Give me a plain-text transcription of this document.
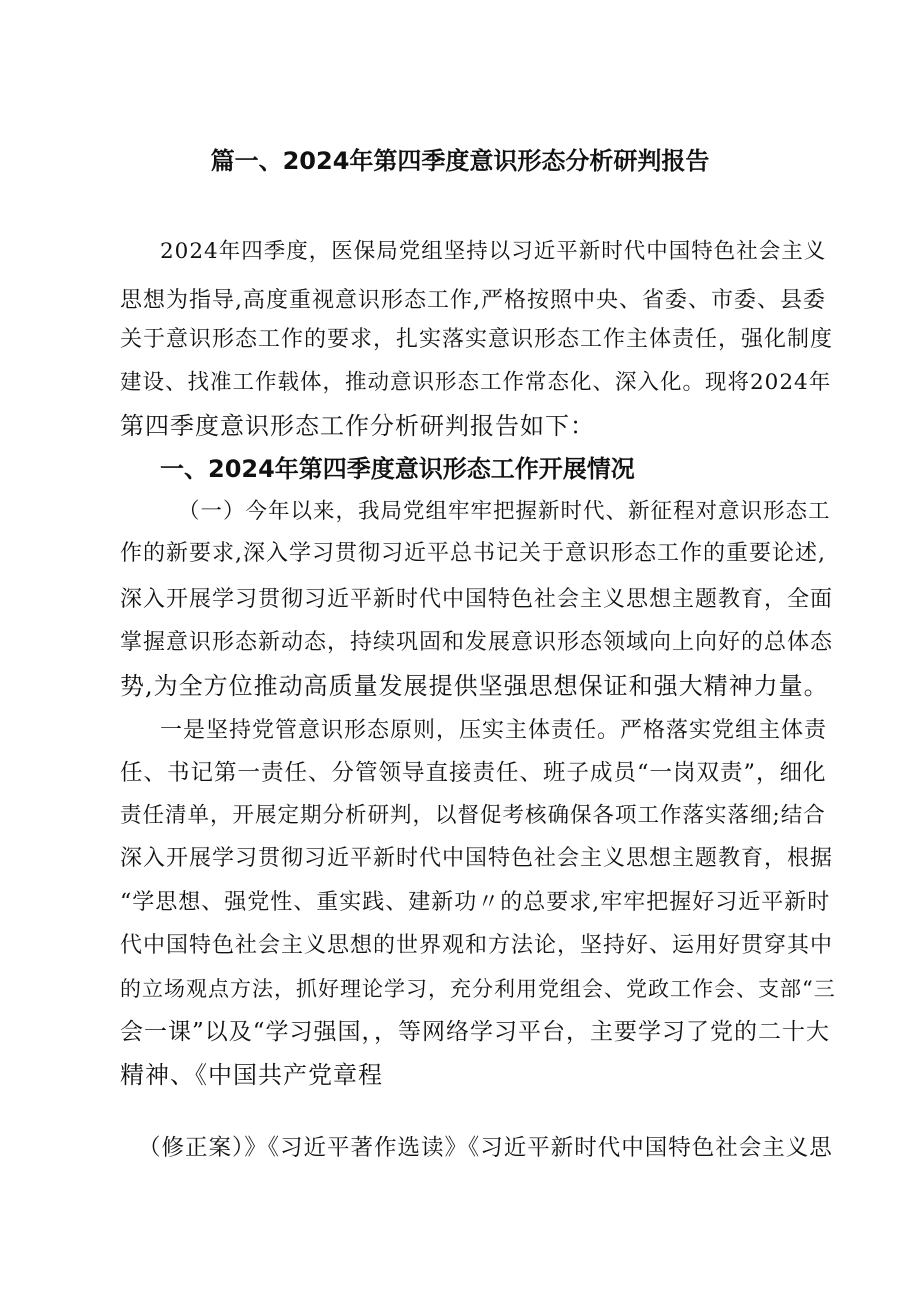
篇一、2024年第四季度意识形态分析研判报告
2024年四季度，医保局党组坚持以习近平新时代中国特色社会主义
思想为指导,高度重视意识形态工作,严格按照中央、省委、市委、县委
关于意识形态工作的要求，扎实落实意识形态工作主体责任，强化制度
建设、找准工作载体，推动意识形态工作常态化、深入化。现将2024年
第四季度意识形态工作分析研判报告如下：
一、2024年第四季度意识形态工作开展情况
（一）今年以来，我局党组牢牢把握新时代、新征程对意识形态工
作的新要求,深入学习贯彻习近平总书记关于意识形态工作的重要论述,
深入开展学习贯彻习近平新时代中国特色社会主义思想主题教育，全面
掌握意识形态新动态，持续巩固和发展意识形态领域向上向好的总体态
势,为全方位推动高质量发展提供坚强思想保证和强大精神力量。
一是坚持党管意识形态原则，压实主体责任。严格落实党组主体责
任、书记第一责任、分管领导直接责任、班子成员“一岗双责”，细化
责任清单，开展定期分析研判，以督促考核确保各项工作落实落细;结合
深入开展学习贯彻习近平新时代中国特色社会主义思想主题教育，根据
“学思想、强党性、重实践、建新功〃的总要求,牢牢把握好习近平新时
代中国特色社会主义思想的世界观和方法论，坚持好、运用好贯穿其中
的立场观点方法，抓好理论学习，充分利用党组会、党政工作会、支部“三
会一课”以及“学习强国，，等网络学习平台，主要学习了党的二十大
精神、《中国共产党章程
（修正案）》《习近平著作选读》《习近平新时代中国特色社会主义思
